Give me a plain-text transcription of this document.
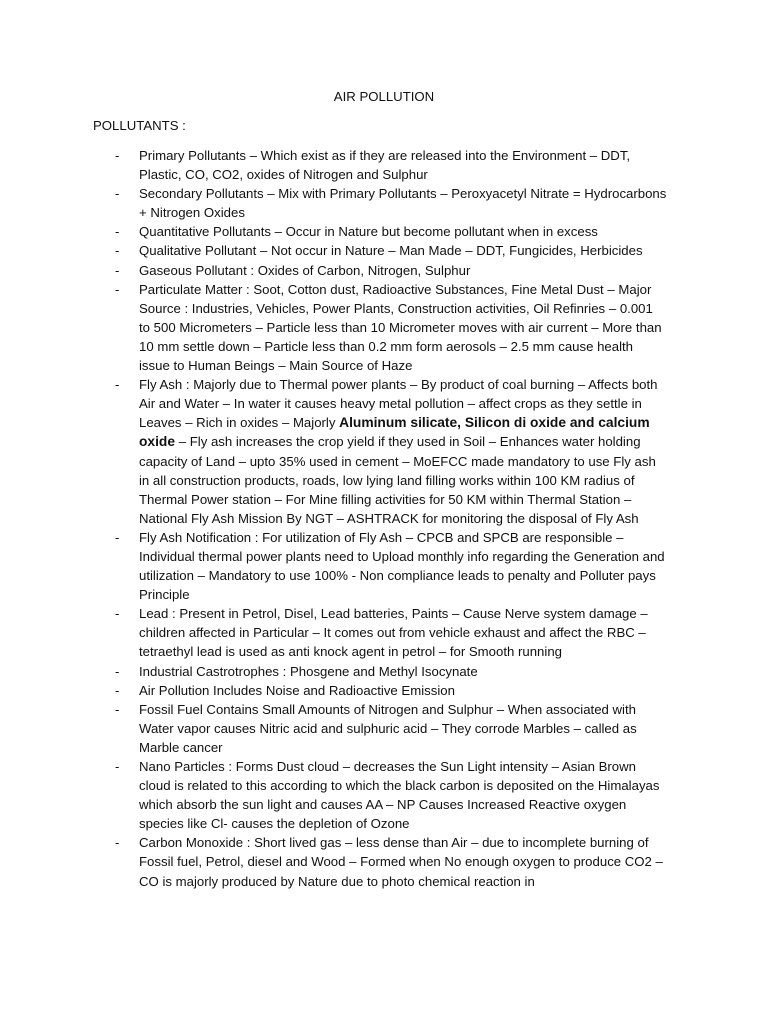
AIR POLLUTION
POLLUTANTS :
- Primary Pollutants – Which exist as if they are released into the Environment – DDT, Plastic, CO, CO2, oxides of Nitrogen and Sulphur
- Secondary Pollutants – Mix with Primary Pollutants – Peroxyacetyl Nitrate = Hydrocarbons + Nitrogen Oxides
- Quantitative Pollutants – Occur in Nature but become pollutant when in excess
- Qualitative Pollutant – Not occur in Nature – Man Made – DDT, Fungicides, Herbicides
- Gaseous Pollutant : Oxides of Carbon, Nitrogen, Sulphur
- Particulate Matter : Soot, Cotton dust, Radioactive Substances, Fine Metal Dust – Major Source : Industries, Vehicles, Power Plants, Construction activities, Oil Refinries – 0.001 to 500 Micrometers – Particle less than 10 Micrometer moves with air current – More than 10 mm settle down – Particle less than 0.2 mm form aerosols – 2.5 mm cause health issue to Human Beings – Main Source of Haze
- Fly Ash : Majorly due to Thermal power plants – By product of coal burning – Affects both Air and Water – In water it causes heavy metal pollution – affect crops as they settle in Leaves – Rich in oxides – Majorly Aluminum silicate, Silicon di oxide and calcium oxide – Fly ash increases the crop yield if they used in Soil – Enhances water holding capacity of Land – upto 35% used in cement – MoEFCC made mandatory to use Fly ash in all construction products, roads, low lying land filling works within 100 KM radius of Thermal Power station – For Mine filling activities for 50 KM within Thermal Station – National Fly Ash Mission By NGT – ASHTRACK for monitoring the disposal of Fly Ash
- Fly Ash Notification : For utilization of Fly Ash – CPCB and SPCB are responsible – Individual thermal power plants need to Upload monthly info regarding the Generation and utilization – Mandatory to use 100% - Non compliance leads to penalty and Polluter pays Principle
- Lead : Present in Petrol, Disel, Lead batteries, Paints – Cause Nerve system damage – children affected in Particular – It comes out from vehicle exhaust and affect the RBC – tetraethyl lead is used as anti knock agent in petrol – for Smooth running
- Industrial Castrotrophes : Phosgene and Methyl Isocynate
- Air Pollution Includes Noise and Radioactive Emission
- Fossil Fuel Contains Small Amounts of Nitrogen and Sulphur – When associated with Water vapor causes Nitric acid and sulphuric acid – They corrode Marbles – called as Marble cancer
- Nano Particles : Forms Dust cloud – decreases the Sun Light intensity – Asian Brown cloud is related to this according to which the black carbon is deposited on the Himalayas which absorb the sun light and causes AA – NP Causes Increased Reactive oxygen species like Cl- causes the depletion of Ozone
- Carbon Monoxide : Short lived gas – less dense than Air – due to incomplete burning of Fossil fuel, Petrol, diesel and Wood – Formed when No enough oxygen to produce CO2 – CO is majorly produced by Nature due to photo chemical reaction in
